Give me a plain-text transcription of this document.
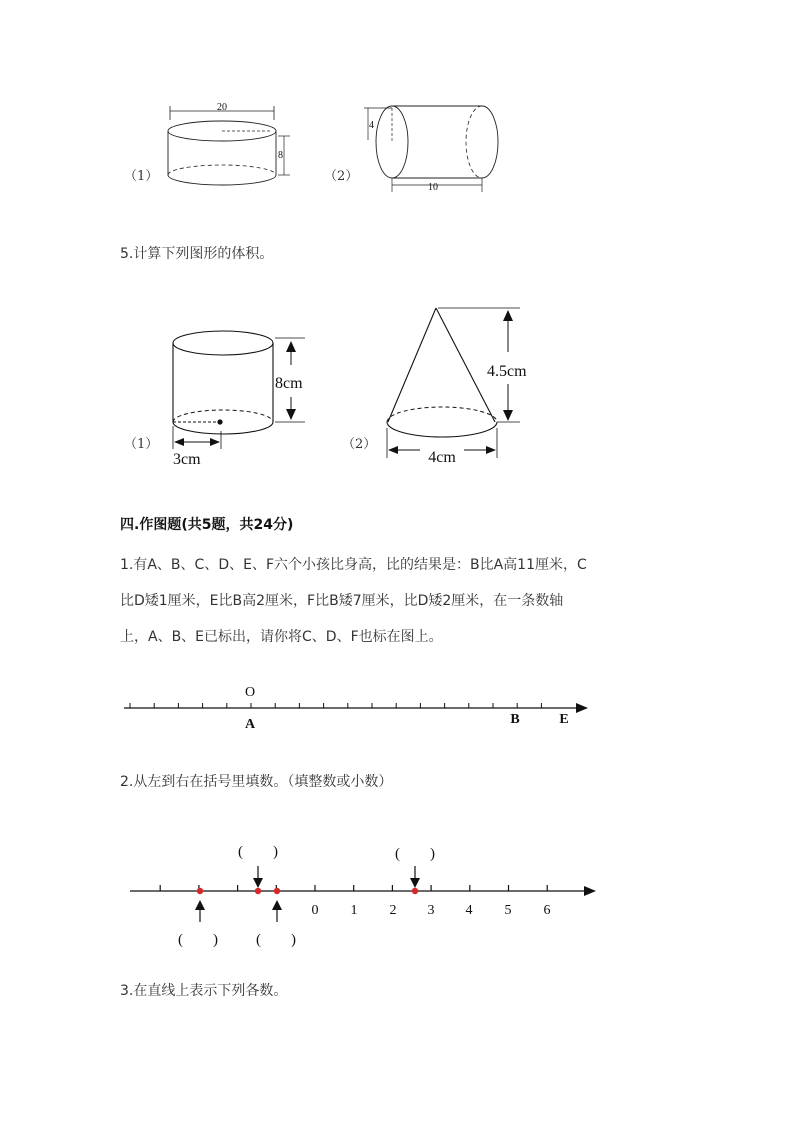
（1）
20
8
（2）
4
10
5.计算下列图形的体积。
（1）
8cm
3cm
（2）
4.5cm
4cm
四.作图题(共5题，共24分)
1.有A、B、C、D、E、F六个小孩比身高，比的结果是：B比A高11厘米，C
比D矮1厘米，E比B高2厘米，F比B矮7厘米，比D矮2厘米，在一条数轴
上，A、B、E已标出，请你将C、D、F也标在图上。
O
A	B	E
2.从左到右在括号里填数。（填整数或小数）
(　　)	(　　)
(　　)	(　　)
0 1 2 3 4 5 6
3.在直线上表示下列各数。
